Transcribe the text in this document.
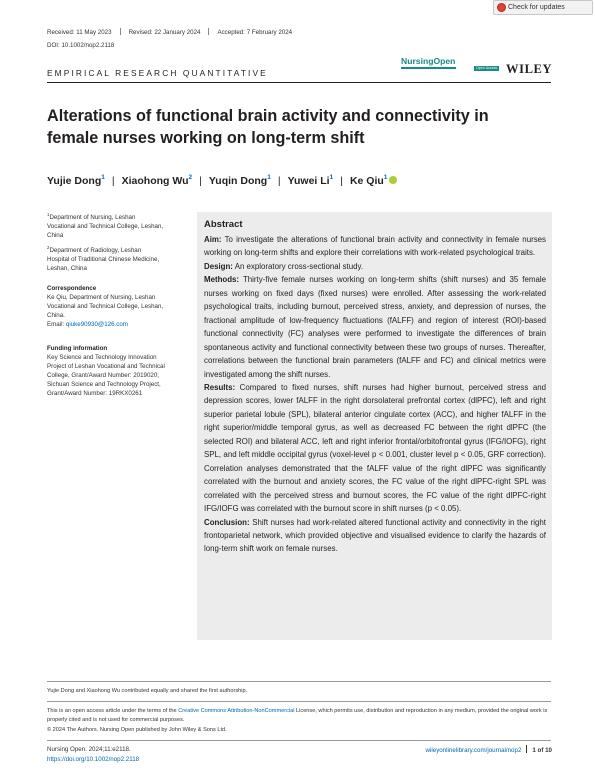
Check for updates
Received: 11 May 2023	Revised: 22 January 2024	Accepted: 7 February 2024
DOI: 10.1002/nop2.2118
EMPIRICAL RESEARCH QUANTITATIVE
NursingOpen
Open Access WILEY
Alterations of functional brain activity and connectivity in
female nurses working on long-term shift
Yujie Dong$^1$ | Xiaohong Wu$^2$ | Yuqin Dong$^1$ | Yuwei Li$^1$ | Ke Qiu$^1$

$^1$Department of Nursing, Leshan

Vocational and Technical College, Leshan,

China

$^2$Department of Radiology, Leshan

Hospital of Traditional Chinese Medicine,

Leshan, China

Correspondence

Ke Qiu, Department of Nursing, Leshan

Vocational and Technical College, Leshan,

China.

Email: qiuke90930@126.com

Funding information

Key Science and Technology Innovation

Project of Leshan Vocational and Technical

College, Grant/Award Number: 2019020;

Sichuan Science and Technology Project,

Grant/Award Number: 19RKX0261

Abstract

Aim: To investigate the alterations of functional brain activity and connectivity in female nurses working on long-term shifts and explore their correlations with work-related psychological traits.

Design: An exploratory cross-sectional study.

Methods: Thirty-five female nurses working on long-term shifts (shift nurses) and 35 female nurses working on fixed days (fixed nurses) were enrolled. After assessing the work-related psychological traits, including burnout, perceived stress, anxiety, and depression of nurses, the fractional amplitude of low-frequency fluctuations (fALFF) and region of interest (ROI)-based functional connectivity (FC) analyses were performed to investigate the differences of brain spontaneous activity and functional connectivity between these two groups of nurses. Thereafter, correlations between the functional brain parameters (fALFF and FC) and clinical metrics were investigated among the shift nurses.

Results: Compared to fixed nurses, shift nurses had higher burnout, perceived stress and depression scores, lower fALFF in the right dorsolateral prefrontal cortex (dlPFC), left and right superior parietal lobule (SPL), bilateral anterior cingulate cortex (ACC), and higher fALFF in the right superior/middle temporal gyrus, as well as decreased FC between the right dlPFC (the selected ROI) and bilateral ACC, left and right inferior frontal/orbitofrontal gyrus (IFG/IOFG), right SPL, and left middle occipital gyrus (voxel-level p < 0.001, cluster level p < 0.05, GRF correction). Correlation analyses demonstrated that the fALFF value of the right dlPFC was significantly correlated with the burnout and anxiety scores, the FC value of the right dlPFC-right SPL was correlated with the perceived stress and burnout scores, the FC value of the right dlPFC-right IFG/IOFG was correlated with the burnout score in shift nurses (p < 0.05).

Conclusion: Shift nurses had work-related altered functional activity and connectivity in the right frontoparietal network, which provided objective and visualised evidence to clarify the hazards of long-term shift work on female nurses.

Yujie Dong and Xiaohong Wu contributed equally and shared the first authorship.

This is an open access article under the terms of the Creative Commons Attribution-NonCommercial License, which permits use, distribution and reproduction in any medium, provided the original work is properly cited and is not used for commercial purposes.

© 2024 The Authors. Nursing Open published by John Wiley & Sons Ltd.

Nursing Open. 2024;11:e2118.

https://doi.org/10.1002/nop2.2118

wileyonlinelibrary.com/journal/nop2 1 of 10
